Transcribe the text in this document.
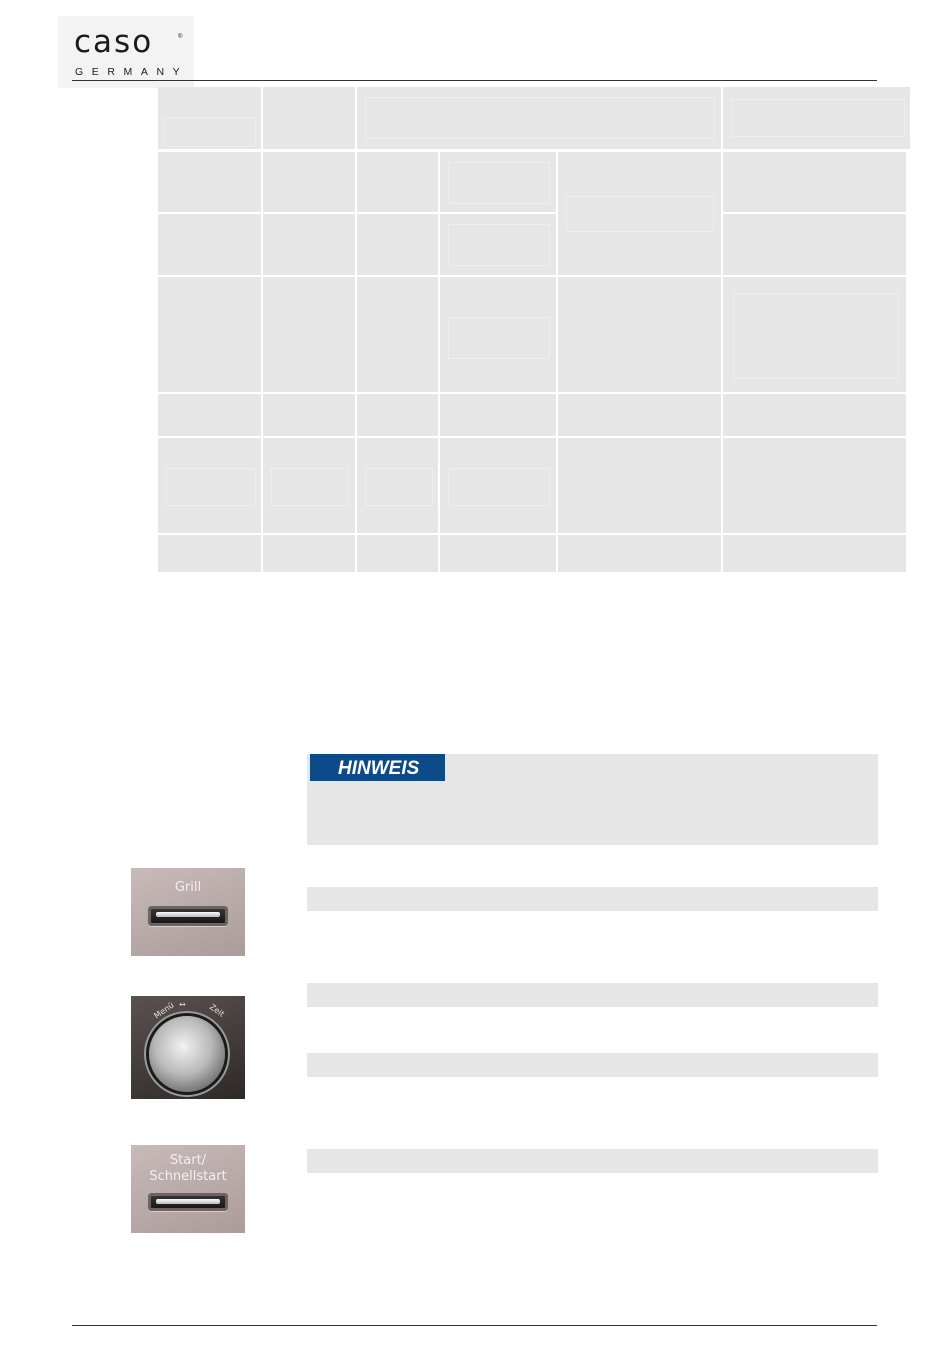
caso	®
GERMANY
HINWEIS
Grill
Menü ↔	Zeit
Start/
Schnellstart
